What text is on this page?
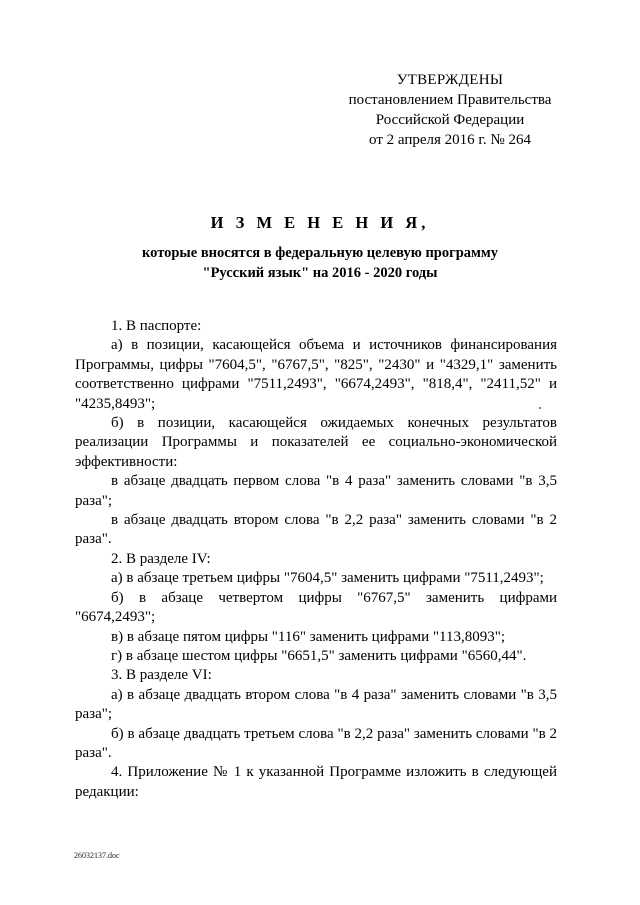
УТВЕРЖДЕНЫ
постановлением Правительства
Российской Федерации
от 2 апреля 2016 г. № 264
И З М Е Н Е Н И Я,
которые вносятся в федеральную целевую программу
"Русский язык" на 2016 - 2020 годы

1. В паспорте:

а) в позиции, касающейся объема и источников финансирования Программы, цифры "7604,5", "6767,5", "825", "2430" и "4329,1" заменить соответственно цифрами "7511,2493", "6674,2493", "818,4", "2411,52" и "4235,8493";

б) в позиции, касающейся ожидаемых конечных результатов реализации Программы и показателей ее социально-экономической эффективности:

в абзаце двадцать первом слова "в 4 раза" заменить словами "в 3,5 раза";

в абзаце двадцать втором слова "в 2,2 раза" заменить словами "в 2 раза".

2. В разделе IV:

а) в абзаце третьем цифры "7604,5" заменить цифрами "7511,2493";

б) в абзаце четвертом цифры "6767,5" заменить цифрами "6674,2493";

в) в абзаце пятом цифры "116" заменить цифрами "113,8093";

г) в абзаце шестом цифры "6651,5" заменить цифрами "6560,44".

3. В разделе VI:

а) в абзаце двадцать втором слова "в 4 раза" заменить словами "в 3,5 раза";

б) в абзаце двадцать третьем слова "в 2,2 раза" заменить словами "в 2 раза".

4. Приложение № 1 к указанной Программе изложить в следующей редакции:

26032137.doc
